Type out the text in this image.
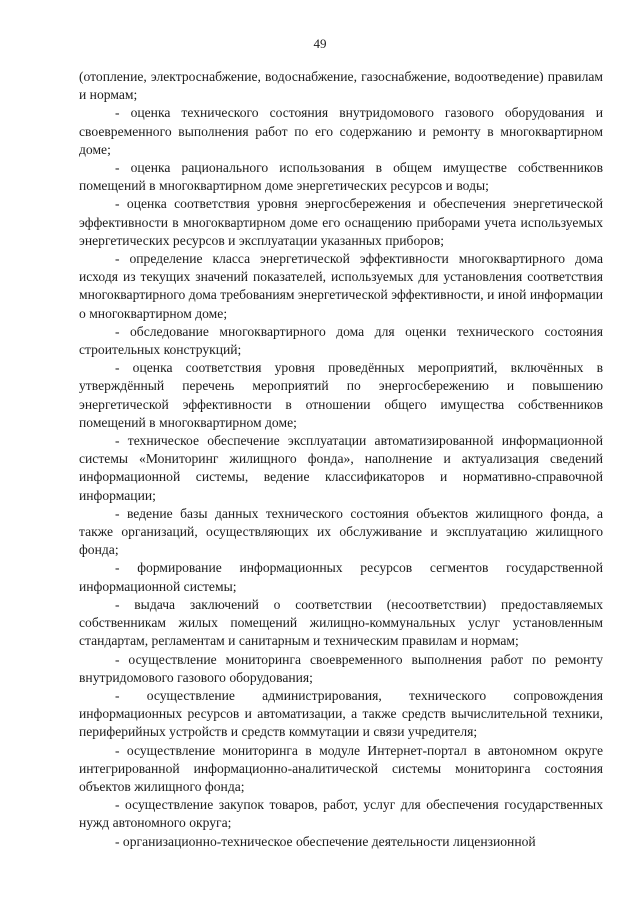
49

(отопление, электроснабжение, водоснабжение, газоснабжение, водоотведение) правилам и нормам;

- оценка технического состояния внутридомового газового оборудования и своевременного выполнения работ по его содержанию и ремонту в многоквартирном доме;

- оценка рационального использования в общем имуществе собственников помещений в многоквартирном доме энергетических ресурсов и воды;

- оценка соответствия уровня энергосбережения и обеспечения энергетической эффективности в многоквартирном доме его оснащению приборами учета используемых энергетических ресурсов и эксплуатации указанных приборов;

- определение класса энергетической эффективности многоквартирного дома исходя из текущих значений показателей, используемых для установления соответствия многоквартирного дома требованиям энергетической эффективности, и иной информации о многоквартирном доме;

- обследование многоквартирного дома для оценки технического состояния строительных конструкций;

- оценка соответствия уровня проведённых мероприятий, включённых в утверждённый перечень мероприятий по энергосбережению и повышению энергетической эффективности в отношении общего имущества собственников помещений в многоквартирном доме;

- техническое обеспечение эксплуатации автоматизированной информационной системы «Мониторинг жилищного фонда», наполнение и актуализация сведений информационной системы, ведение классификаторов и нормативно-справочной информации;

- ведение базы данных технического состояния объектов жилищного фонда, а также организаций, осуществляющих их обслуживание и эксплуатацию жилищного фонда;

- формирование информационных ресурсов сегментов государственной информационной системы;

- выдача заключений о соответствии (несоответствии) предоставляемых собственникам жилых помещений жилищно-коммунальных услуг установленным стандартам, регламентам и санитарным и техническим правилам и нормам;

- осуществление мониторинга своевременного выполнения работ по ремонту внутридомового газового оборудования;

- осуществление администрирования, технического сопровождения информационных ресурсов и автоматизации, а также средств вычислительной техники, периферийных устройств и средств коммутации и связи учредителя;

- осуществление мониторинга в модуле Интернет-портал в автономном округе интегрированной информационно-аналитической системы мониторинга состояния объектов жилищного фонда;

- осуществление закупок товаров, работ, услуг для обеспечения государственных нужд автономного округа;

- организационно-техническое обеспечение деятельности лицензионной
